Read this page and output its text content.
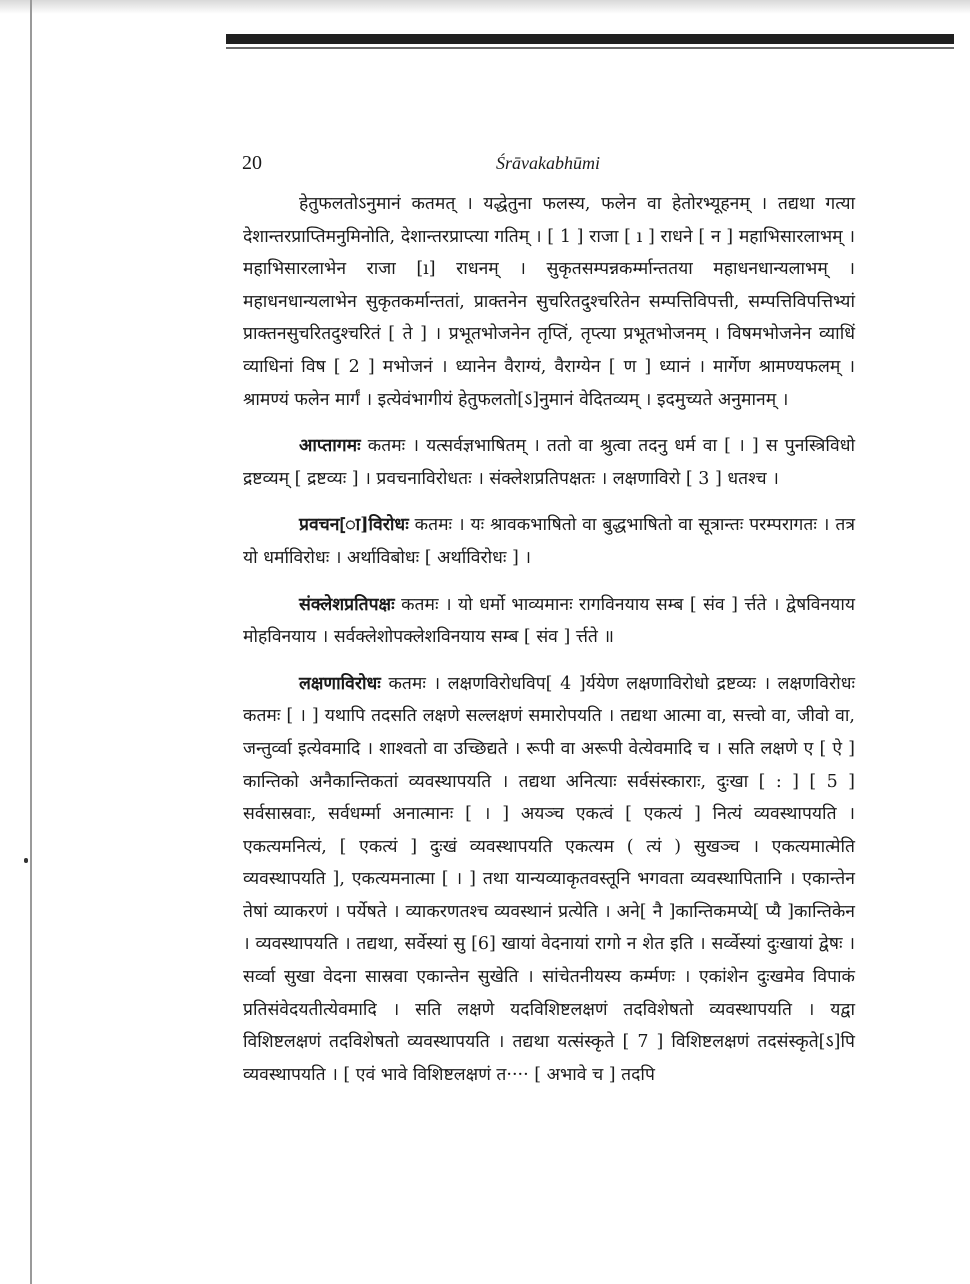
20	Śrāvakabhūmi

हेतुफलतोऽनुमानं कतमत् । यद्धेतुना फलस्य, फलेन वा हेतोरभ्यूहनम् । तद्यथा गत्या देशान्तरप्राप्तिमनुमिनोति, देशान्तरप्राप्त्या गतिम् । [ 1 ] राजा [ ı ] राधने [ न ] महाभिसारलाभम् । महाभिसारलाभेन राजा [ı] राधनम् । सुकृतसम्पन्नकर्म्मान्ततया महाधनधान्यलाभम् । महाधनधान्यलाभेन सुकृतकर्मान्ततां, प्राक्तनेन सुचरितदुश्चरितेन सम्पत्तिविपत्ती, सम्पत्तिविपत्तिभ्यां प्राक्तनसुचरितदुश्चरितं [ ते ] । प्रभूतभोजनेन तृप्तिं, तृप्त्या प्रभूतभोजनम् । विषमभोजनेन व्याधिं व्याधिनां विष [ 2 ] मभोजनं । ध्यानेन वैराग्यं, वैराग्येन [ ण ] ध्यानं । मार्गेण श्रामण्यफलम् । श्रामण्यं फलेन मार्गं । इत्येवंभागीयं हेतुफलतो[ऽ]नुमानं वेदितव्यम् । इदमुच्यते अनुमानम् ।

आप्तागमः कतमः । यत्सर्वज्ञभाषितम् । ततो वा श्रुत्वा तदनु धर्म वा [ । ] स पुनस्त्रिविधो द्रष्टव्यम् [ द्रष्टव्यः ] । प्रवचनाविरोधतः । संक्लेशप्रतिपक्षतः । लक्षणाविरो [ 3 ] धतश्च ।

प्रवचन[ा]विरोधः कतमः । यः श्रावकभाषितो वा बुद्धभाषितो वा सूत्रान्तः परम्परागतः । तत्र यो धर्माविरोधः । अर्थाविबोधः [ अर्थाविरोधः ] ।

संक्लेशप्रतिपक्षः कतमः । यो धर्मो भाव्यमानः रागविनयाय सम्ब [ संव ] र्त्तते । द्वेषविनयाय मोहविनयाय । सर्वक्लेशोपक्लेशविनयाय सम्ब [ संव ] र्त्तते ॥

लक्षणाविरोधः कतमः । लक्षणविरोधविप[ 4 ]र्ययेण लक्षणाविरोधो द्रष्टव्यः । लक्षणविरोधः कतमः [ । ] यथापि तदसति लक्षणे सल्लक्षणं समारोपयति । तद्यथा आत्मा वा, सत्त्वो वा, जीवो वा, जन्तुर्व्वा इत्येवमादि । शाश्वतो वा उच्छिद्यते । रूपी वा अरूपी वेत्येवमादि च । सति लक्षणे ए [ ऐ ] कान्तिको अनैकान्तिकतां व्यवस्थापयति । तद्यथा अनित्याः सर्वसंस्काराः, दुःखा [ : ] [ 5 ] सर्वसास्रवाः, सर्वधर्म्मा अनात्मानः [ । ] अयञ्च एकत्वं [ एकत्यं ] नित्यं व्यवस्थापयति । एकत्यमनित्यं, [ एकत्यं ] दुःखं व्यवस्थापयति एकत्यम ( त्यं ) सुखञ्च । एकत्यमात्मेति व्यवस्थापयति ], एकत्यमनात्मा [ । ] तथा यान्यव्याकृतवस्तूनि भगवता व्यवस्थापितानि । एकान्तेन तेषां व्याकरणं । पर्येषते । व्याकरणतश्च व्यवस्थानं प्रत्येति । अने[ नै ]कान्तिकमप्ये[ प्यै ]कान्तिकेन । व्यवस्थापयति । तद्यथा, सर्वेस्यां सु [6] खायां वेदनायां रागो न शेत इति । सर्व्वेस्यां दुःखायां द्वेषः । सर्व्वा सुखा वेदना सास्रवा एकान्तेन सुखेति । सांचेतनीयस्य कर्म्मणः । एकांशेन दुःखमेव विपाकं प्रतिसंवेदयतीत्येवमादि । सति लक्षणे यदविशिष्टलक्षणं तदविशेषतो व्यवस्थापयति । यद्वा विशिष्टलक्षणं तदविशेषतो व्यवस्थापयति । तद्यथा यत्संस्कृते [ 7 ] विशिष्टलक्षणं तदसंस्कृते[ऽ]पि व्यवस्थापयति । [ एवं भावे विशिष्टलक्षणं त···· [ अभावे च ] तदपि
